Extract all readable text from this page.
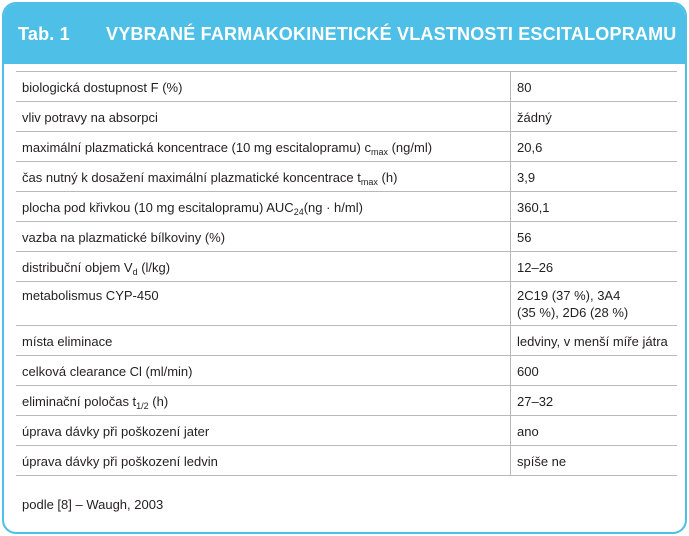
Tab. 1	VYBRANÉ FARMAKOKINETICKÉ VLASTNOSTI ESCITALOPRAMU
biologická dostupnost F (%)	80
vliv potravy na absorpci	žádný
maximální plazmatická koncentrace (10 mg escitalopramu) $c_{max}$ (ng/ml)	20,6
čas nutný k dosažení maximální plazmatické koncentrace $t_{max}$ (h)	3,9
plocha pod křivkou (10 mg escitalopramu) $AUC_{24}(ng \cdot h/ml)$	360,1
vazba na plazmatické bílkoviny (%)	56
distribuční objem $V_d$ (l/kg)	12–26
metabolismus CYP-450	2C19 (37 %), 3A4
(35 %), 2D6 (28 %)
místa eliminace	ledviny, v menší míře játra
celková clearance Cl (ml/min)	600
eliminační poločas $t_{1/2}$ (h)	27–32
úprava dávky při poškození jater	ano
úprava dávky při poškození ledvin	spíše ne
podle [8] – Waugh, 2003
